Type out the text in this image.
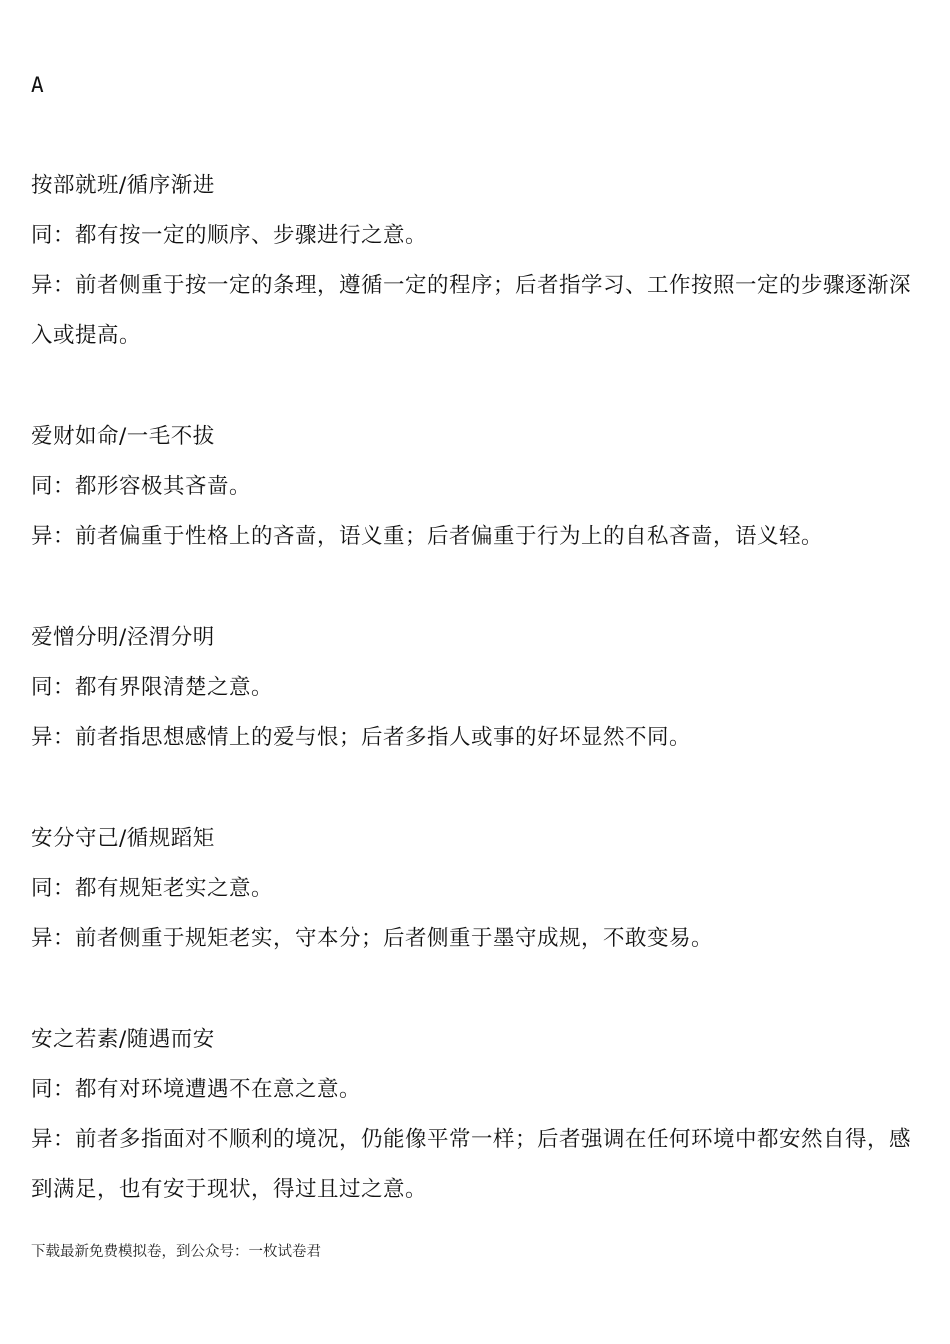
A

按部就班/循序渐进

同：都有按一定的顺序、步骤进行之意。

异：前者侧重于按一定的条理，遵循一定的程序；后者指学习、工作按照一定的步骤逐渐深入或提高。

爱财如命/一毛不拔

同：都形容极其吝啬。

异：前者偏重于性格上的吝啬，语义重；后者偏重于行为上的自私吝啬，语义轻。

爱憎分明/泾渭分明

同：都有界限清楚之意。

异：前者指思想感情上的爱与恨；后者多指人或事的好坏显然不同。

安分守己/循规蹈矩

同：都有规矩老实之意。

异：前者侧重于规矩老实，守本分；后者侧重于墨守成规，不敢变易。

安之若素/随遇而安

同：都有对环境遭遇不在意之意。

异：前者多指面对不顺利的境况，仍能像平常一样；后者强调在任何环境中都安然自得，感到满足，也有安于现状，得过且过之意。

下载最新免费模拟卷，到公众号：一枚试卷君
